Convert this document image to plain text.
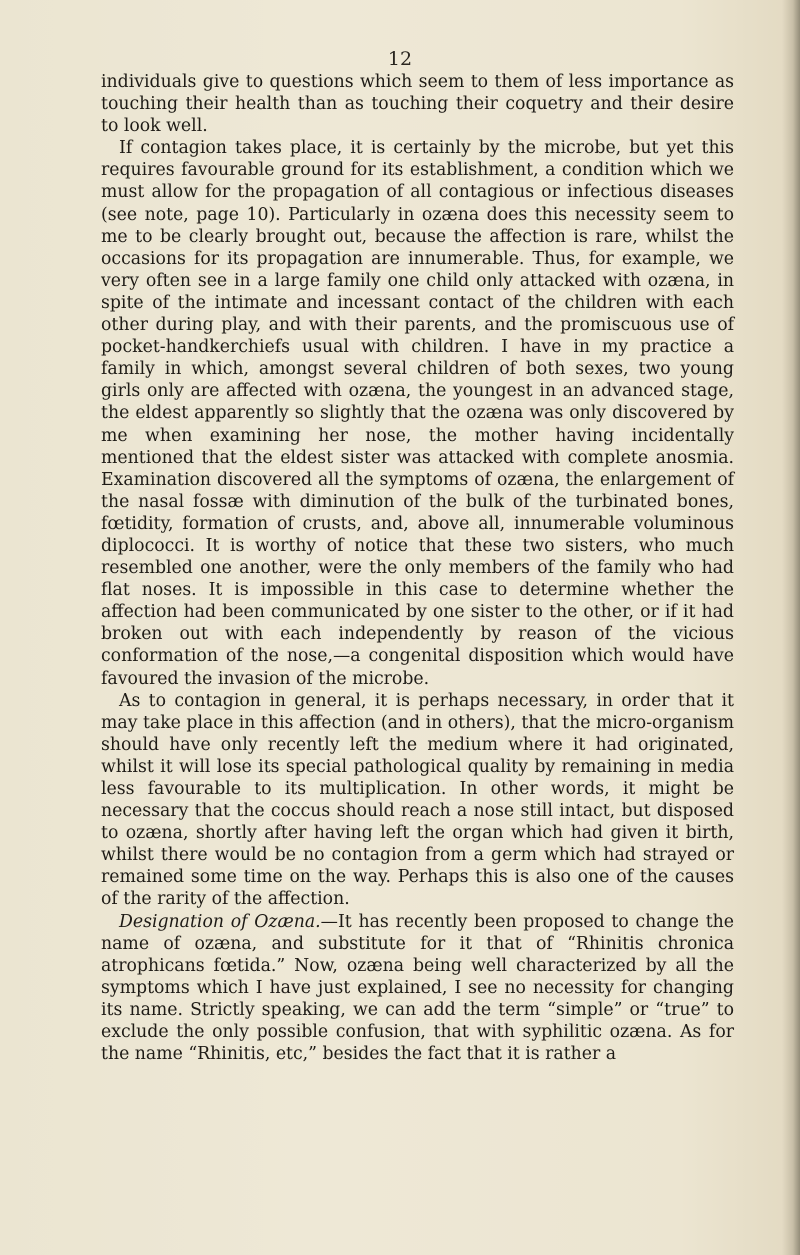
12

individuals give to questions which seem to them of less importance as touching their health than as touching their coquetry and their desire to look well.

If contagion takes place, it is certainly by the microbe, but yet this requires favourable ground for its establishment, a condition which we must allow for the propagation of all contagious or infectious diseases (see note, page 10). Particularly in ozæna does this necessity seem to me to be clearly brought out, because the affection is rare, whilst the occasions for its propagation are innumerable. Thus, for example, we very often see in a large family one child only attacked with ozæna, in spite of the intimate and incessant contact of the children with each other during play, and with their parents, and the promiscuous use of pocket-handkerchiefs usual with children. I have in my practice a family in which, amongst several children of both sexes, two young girls only are affected with ozæna, the youngest in an advanced stage, the eldest apparently so slightly that the ozæna was only discovered by me when examining her nose, the mother having incidentally mentioned that the eldest sister was attacked with complete anosmia. Examination discovered all the symptoms of ozæna, the enlargement of the nasal fossæ with diminution of the bulk of the turbinated bones, fœtidity, formation of crusts, and, above all, innumerable voluminous diplococci. It is worthy of notice that these two sisters, who much resembled one another, were the only members of the family who had flat noses. It is impossible in this case to determine whether the affection had been communicated by one sister to the other, or if it had broken out with each independently by reason of the vicious conformation of the nose,—a congenital disposition which would have favoured the invasion of the microbe.

As to contagion in general, it is perhaps necessary, in order that it may take place in this affection (and in others), that the micro-organism should have only recently left the medium where it had originated, whilst it will lose its special pathological quality by remaining in media less favourable to its multiplication. In other words, it might be necessary that the coccus should reach a nose still intact, but disposed to ozæna, shortly after having left the organ which had given it birth, whilst there would be no contagion from a germ which had strayed or remained some time on the way. Perhaps this is also one of the causes of the rarity of the affection.

Designation of Ozæna.—It has recently been proposed to change the name of ozæna, and substitute for it that of “Rhinitis chronica atrophicans fœtida.” Now, ozæna being well characterized by all the symptoms which I have just explained, I see no necessity for changing its name. Strictly speaking, we can add the term “simple” or “true” to exclude the only possible confusion, that with syphilitic ozæna. As for the name “Rhinitis, etc,” besides the fact that it is rather a
